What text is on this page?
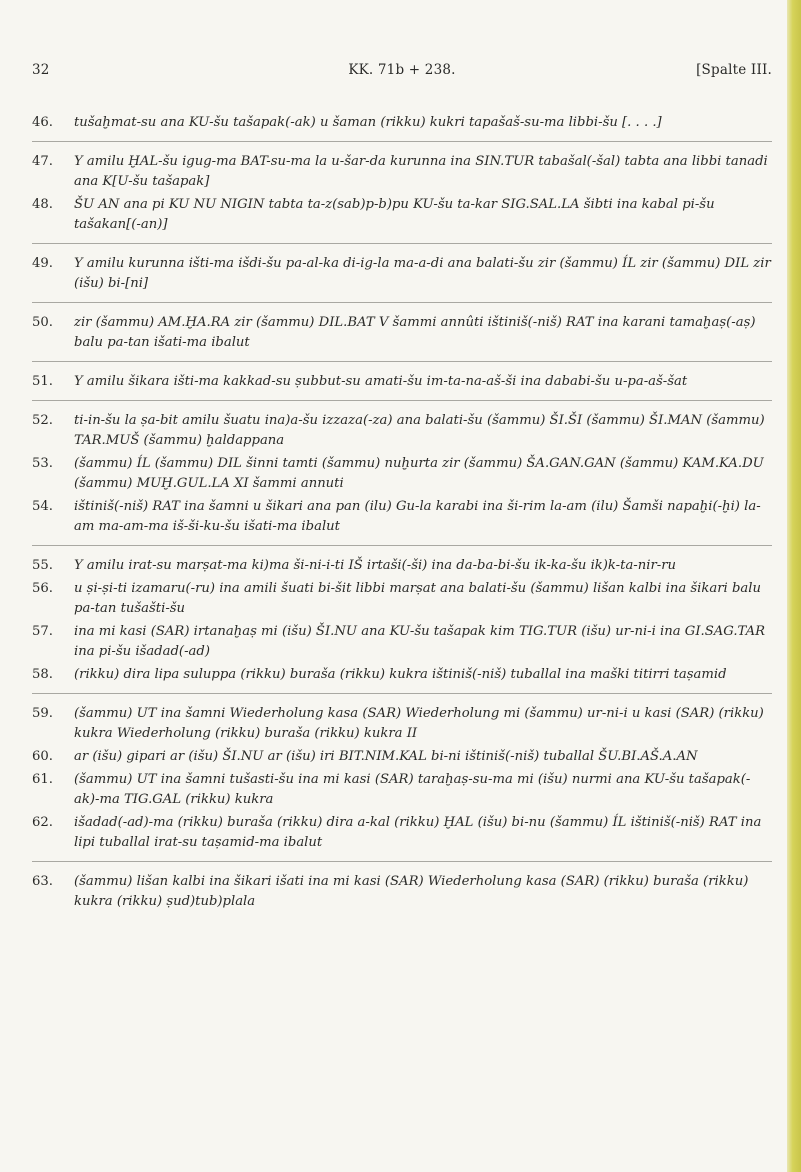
32	KK. 71b + 238.	[Spalte III.
46. tušaḫmat-su ana KU-šu tašapak(-ak) u šaman (rikku) kukri tapašaš-su-ma libbi-šu [. . . .]
47. Y amilu ḪAL-šu igug-ma BAT-su-ma la u-šar-da kurunna ina SIN.TUR tabašal(-šal) tabta ana libbi tanadi ana K[U-šu tašapak]
48. ŠU AN ana pi KU NU NIGIN tabta ta-z(sab)p-b)pu KU-šu ta-kar SIG.SAL.LA šibti ina kabal pi-šu tašakan[(-an)]
49. Y amilu kurunna išti-ma išdi-šu pa-al-ka di-ig-la ma-a-di ana balati-šu zir (šammu) ÍL zir (šammu) DIL zir (išu) bi-[ni]
50. zir (šammu) AM.ḪA.RA zir (šammu) DIL.BAT V šammi annûti ištiniš(-niš) RAT ina karani tamaḫaṣ(-aṣ) balu pa-tan išati-ma ibalut
51. Y amilu šikara išti-ma kakkad-su ṣubbut-su amati-šu im-ta-na-aš-ši ina dababi-šu u-pa-aš-šat
52. ti-in-šu la ṣa-bit amilu šuatu ina)a-šu izzaza(-za) ana balati-šu (šammu) ŠI.ŠI (šammu) ŠI.MAN (šammu) TAR.MUŠ (šammu) ḫaldappana
53. (šammu) ÍL (šammu) DIL šinni tamti (šammu) nuḫurta zir (šammu) ŠA.GAN.GAN (šammu) KAM.KA.DU (šammu) MUḪ.GUL.LA XI šammi annuti
54. ištiniš(-niš) RAT ina šamni u šikari ana pan (ilu) Gu-la karabi ina ši-rim la-am (ilu) Šamši napaḫi(-ḫi) la-am ma-am-ma iš-ši-ku-šu išati-ma ibalut
55. Y amilu irat-su marṣat-ma ki)ma ši-ni-i-ti IŠ irtaši(-ši) ina da-ba-bi-šu ik-ka-šu ik)k-ta-nir-ru
56. u ṣi-ṣi-ti izamaru(-ru) ina amili šuati bi-šit libbi marṣat ana balati-šu (šammu) lišan kalbi ina šikari balu pa-tan tušašti-šu
57. ina mi kasi (SAR) irtanaḫaṣ mi (išu) ŠI.NU ana KU-šu tašapak kim TIG.TUR (išu) ur-ni-i ina GI.SAG.TAR ina pi-šu išadad(-ad)
58. (rikku) dira lipa suluppa (rikku) buraša (rikku) kukra ištiniš(-niš) tuballal ina maški titirri taṣamid
59. (šammu) UT ina šamni Wiederholung kasa (SAR) Wiederholung mi (šammu) ur-ni-i u kasi (SAR) (rikku) kukra Wiederholung (rikku) buraša (rikku) kukra II
60. ar (išu) gipari ar (išu) ŠI.NU ar (išu) iri BIT.NIM.KAL bi-ni ištiniš(-niš) tuballal ŠU.BI.AŠ.A.AN
61. (šammu) UT ina šamni tušasti-šu ina mi kasi (SAR) taraḫaṣ-su-ma mi (išu) nurmi ana KU-šu tašapak(-ak)-ma TIG.GAL (rikku) kukra
62. išadad(-ad)-ma (rikku) buraša (rikku) dira a-kal (rikku) ḪAL (išu) bi-nu (šammu) ÍL ištiniš(-niš) RAT ina lipi tuballal irat-su taṣamid-ma ibalut
63. (šammu) lišan kalbi ina šikari išati ina mi kasi (SAR) Wiederholung kasa (SAR) (rikku) buraša (rikku) kukra (rikku) ṣud)tub)plala
